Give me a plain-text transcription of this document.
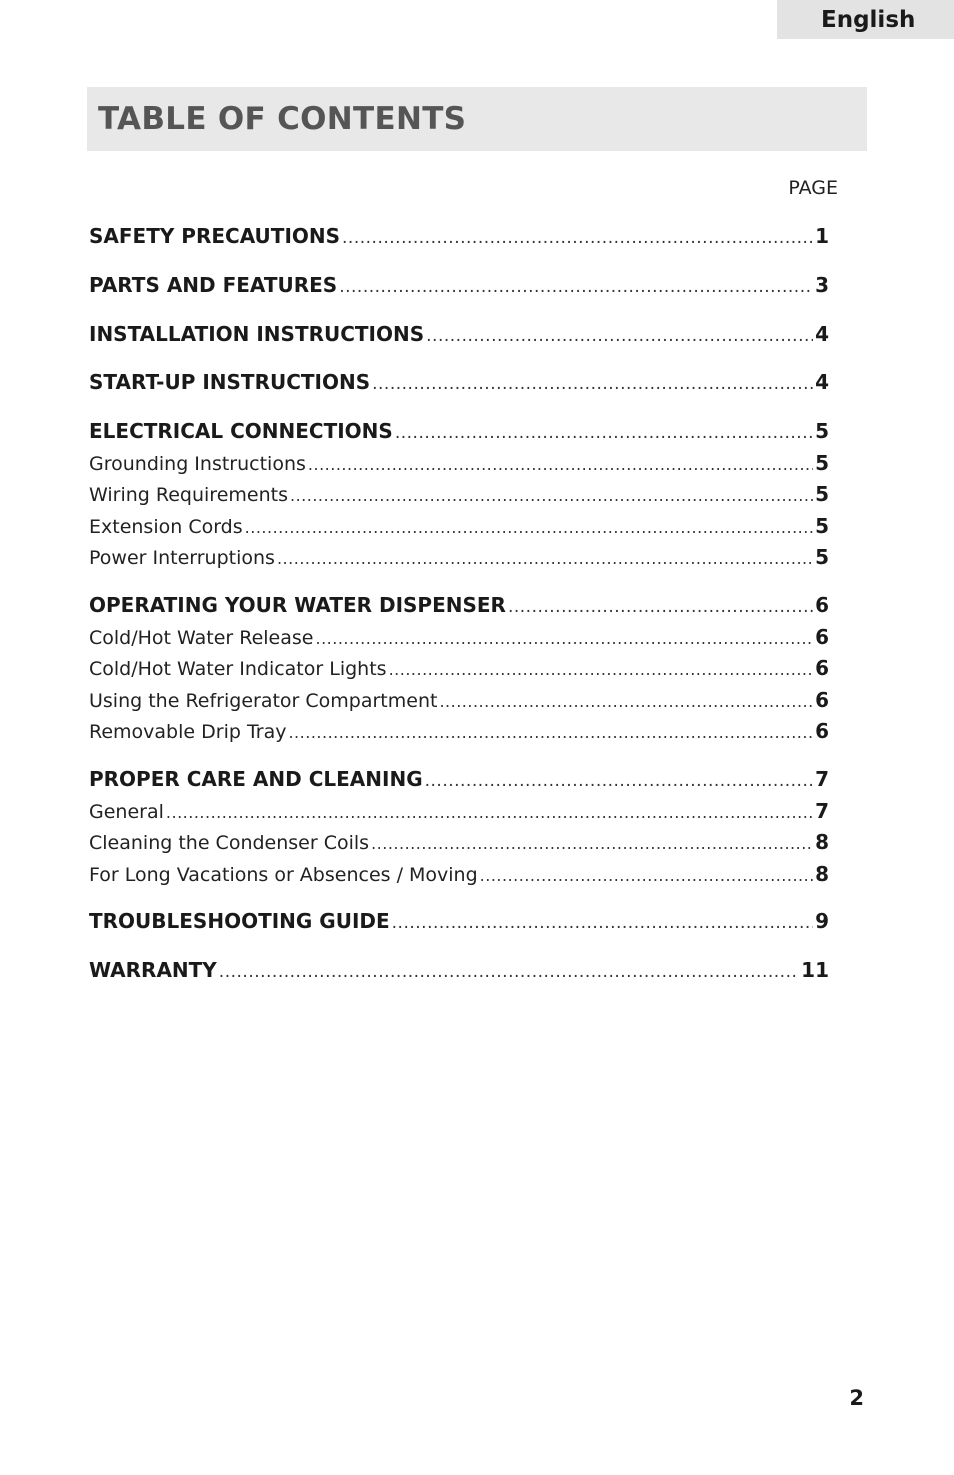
English
TABLE OF CONTENTS
PAGE
SAFETY PRECAUTIONS .....	1
PARTS AND FEATURES .....	3
INSTALLATION INSTRUCTIONS .....	4
START-UP INSTRUCTIONS .....	4
ELECTRICAL CONNECTIONS .....	5
Grounding Instructions .....	5
Wiring Requirements .....	5
Extension Cords .....	5
Power Interruptions .....	5
OPERATING YOUR WATER DISPENSER .....	6
Cold/Hot Water Release .....	6
Cold/Hot Water Indicator Lights .....	6
Using the Refrigerator Compartment .....	6
Removable Drip Tray .....	6
PROPER CARE AND CLEANING .....	7
General .....	7
Cleaning the Condenser Coils .....	8
For Long Vacations or Absences / Moving .....	8
TROUBLESHOOTING GUIDE .....	9
WARRANTY .....	11
2
